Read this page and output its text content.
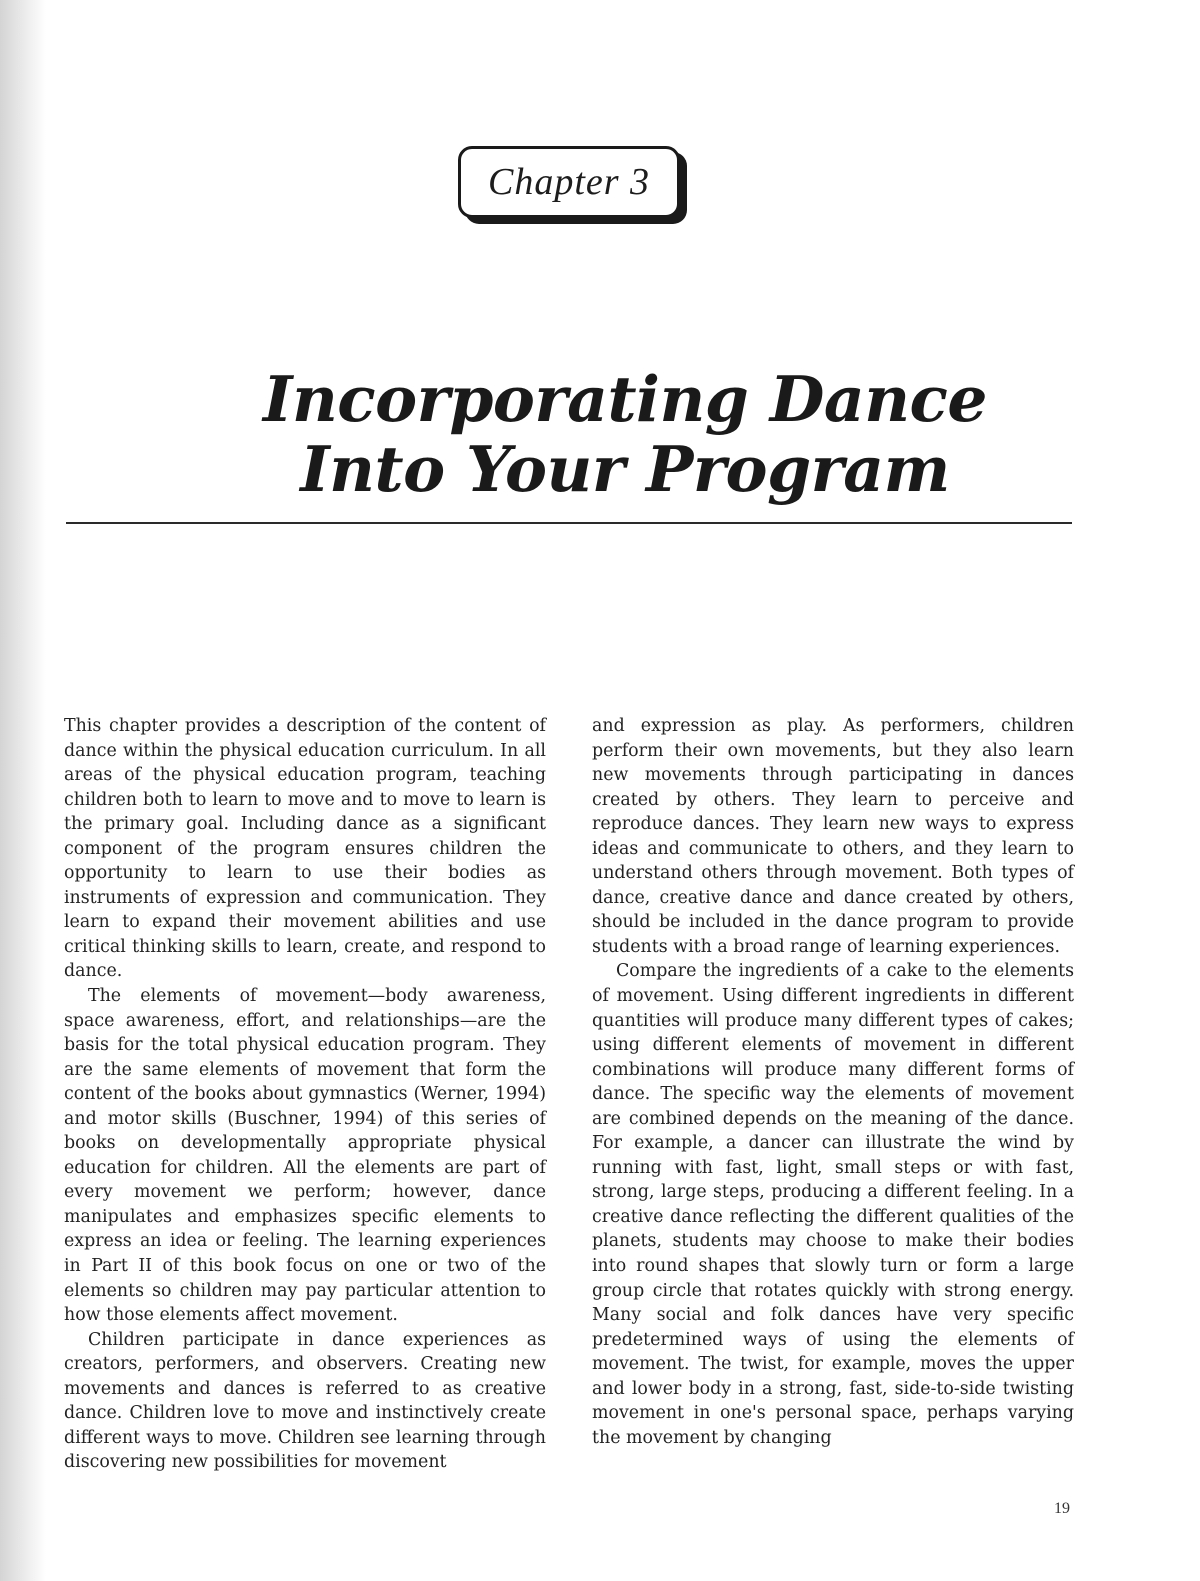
Chapter 3
Incorporating Dance
Into Your Program

This chapter provides a description of the content of dance within the physical education curriculum. In all areas of the physical education program, teaching children both to learn to move and to move to learn is the primary goal. Including dance as a significant component of the program ensures children the opportunity to learn to use their bodies as instruments of expression and communication. They learn to expand their movement abilities and use critical thinking skills to learn, create, and respond to dance.

The elements of movement—body awareness, space awareness, effort, and relationships—are the basis for the total physical education program. They are the same elements of movement that form the content of the books about gymnastics (Werner, 1994) and motor skills (Buschner, 1994) of this series of books on developmentally appropriate physical education for children. All the elements are part of every movement we perform; however, dance manipulates and emphasizes specific elements to express an idea or feeling. The learning experiences in Part II of this book focus on one or two of the elements so children may pay particular attention to how those elements affect movement.

Children participate in dance experiences as creators, performers, and observers. Creating new movements and dances is referred to as creative dance. Children love to move and instinctively create different ways to move. Children see learning through discovering new possibilities for movement

and expression as play. As performers, children perform their own movements, but they also learn new movements through participating in dances created by others. They learn to perceive and reproduce dances. They learn new ways to express ideas and communicate to others, and they learn to understand others through movement. Both types of dance, creative dance and dance created by others, should be included in the dance program to provide students with a broad range of learning experiences.

Compare the ingredients of a cake to the elements of movement. Using different ingredients in different quantities will produce many different types of cakes; using different elements of movement in different combinations will produce many different forms of dance. The specific way the elements of movement are combined depends on the meaning of the dance. For example, a dancer can illustrate the wind by running with fast, light, small steps or with fast, strong, large steps, producing a different feeling. In a creative dance reflecting the different qualities of the planets, students may choose to make their bodies into round shapes that slowly turn or form a large group circle that rotates quickly with strong energy. Many social and folk dances have very specific predetermined ways of using the elements of movement. The twist, for example, moves the upper and lower body in a strong, fast, side-to-side twisting movement in one's personal space, perhaps varying the movement by changing

19
